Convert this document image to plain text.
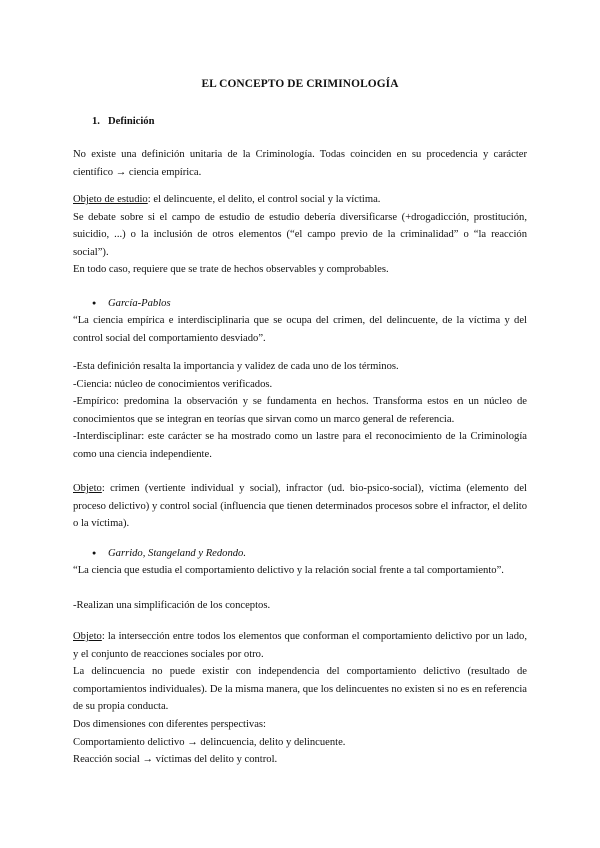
EL CONCEPTO DE CRIMINOLOGÍA
1. Definición

No existe una definición unitaria de la Criminología. Todas coinciden en su procedencia y carácter científico → ciencia empírica.

Objeto de estudio: el delincuente, el delito, el control social y la víctima.

Se debate sobre si el campo de estudio de estudio debería diversificarse (+drogadicción, prostitución, suicidio, ...) o la inclusión de otros elementos (“el campo previo de la criminalidad” o “la reacción social”).

En todo caso, requiere que se trate de hechos observables y comprobables.

● García-Pablos

“La ciencia empírica e interdisciplinaria que se ocupa del crimen, del delincuente, de la víctima y del control social del comportamiento desviado”.

-Esta definición resalta la importancia y validez de cada uno de los términos.

-Ciencia: núcleo de conocimientos verificados.

-Empírico: predomina la observación y se fundamenta en hechos. Transforma estos en un núcleo de conocimientos que se integran en teorías que sirvan como un marco general de referencia.

-Interdisciplinar: este carácter se ha mostrado como un lastre para el reconocimiento de la Criminología como una ciencia independiente.

Objeto: crimen (vertiente individual y social), infractor (ud. bio-psico-social), víctima (elemento del proceso delictivo) y control social (influencia que tienen determinados procesos sobre el infractor, el delito o la víctima).

● Garrido, Stangeland y Redondo.

“La ciencia que estudia el comportamiento delictivo y la relación social frente a tal comportamiento”.

-Realizan una simplificación de los conceptos.

Objeto: la intersección entre todos los elementos que conforman el comportamiento delictivo por un lado, y el conjunto de reacciones sociales por otro.

La delincuencia no puede existir con independencia del comportamiento delictivo (resultado de comportamientos individuales). De la misma manera, que los delincuentes no existen si no es en referencia de su propia conducta.

Dos dimensiones con diferentes perspectivas:

Comportamiento delictivo → delincuencia, delito y delincuente.

Reacción social → víctimas del delito y control.
